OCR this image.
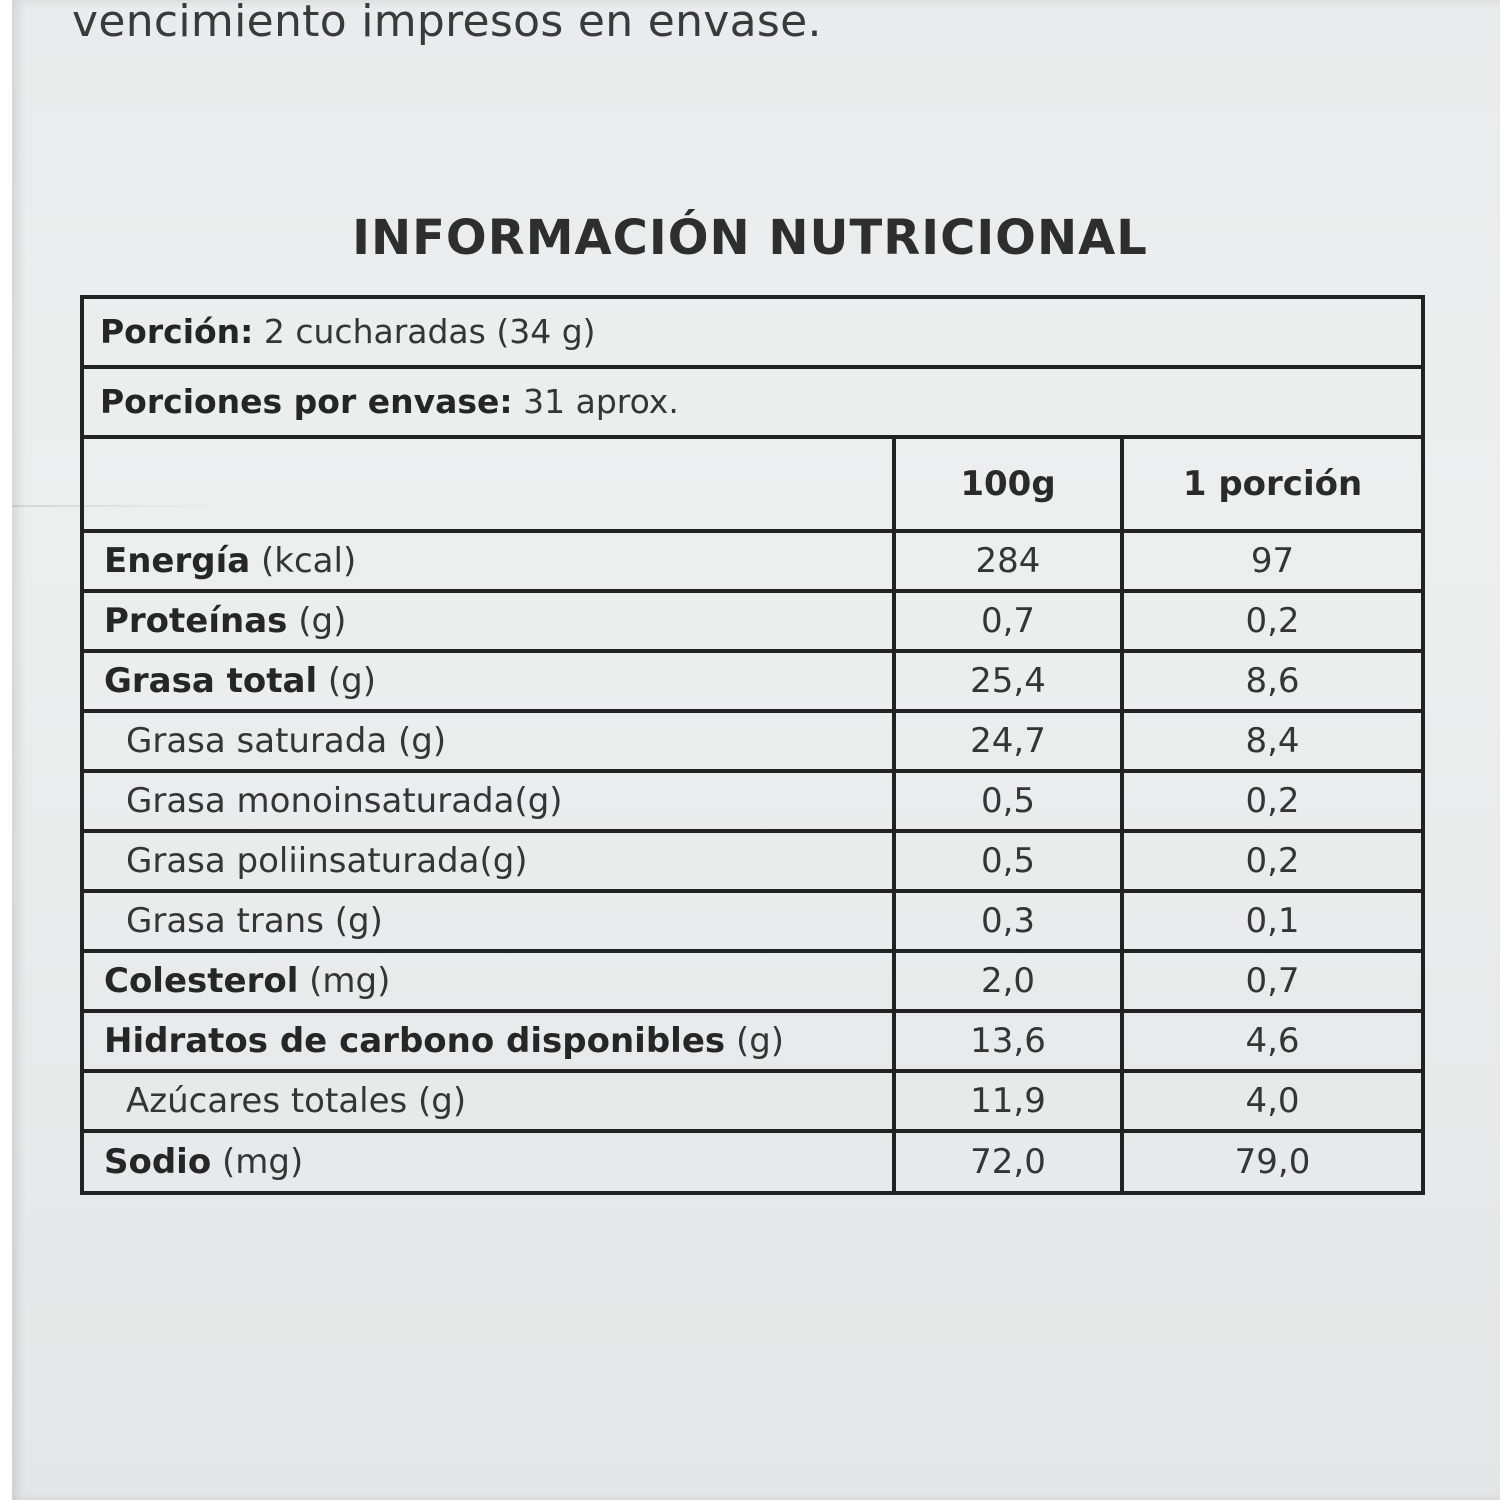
vencimiento impresos en envase.
INFORMACIÓN NUTRICIONAL
Porción: 2 cucharadas (34 g)
Porciones por envase: 31 aprox.
	100g	1 porción
Energía (kcal)	284	97
Proteínas (g)	0,7	0,2
Grasa total (g)	25,4	8,6
Grasa saturada (g)	24,7	8,4
Grasa monoinsaturada(g)	0,5	0,2
Grasa poliinsaturada(g)	0,5	0,2
Grasa trans (g)	0,3	0,1
Colesterol (mg)	2,0	0,7
Hidratos de carbono disponibles (g)	13,6	4,6
Azúcares totales (g)	11,9	4,0
Sodio (mg)	72,0	79,0
